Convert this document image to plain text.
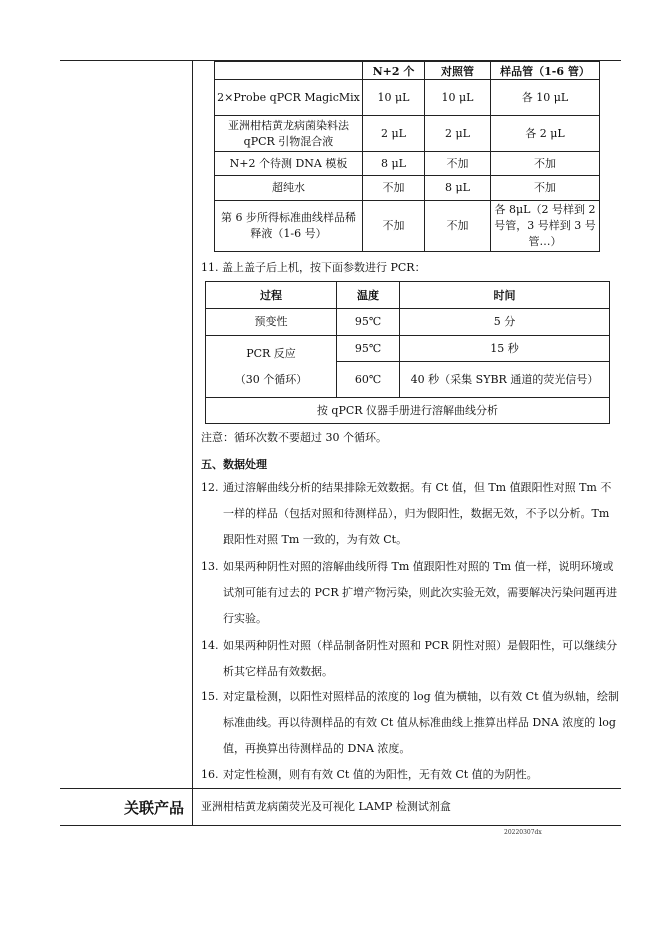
	N+2 个	对照管	样品管（1-6 管）
2×Probe qPCR MagicMix	10 μL	10 μL	各 10 μL
亚洲柑桔黄龙病菌染料法 qPCR 引物混合液	2 μL	2 μL	各 2 μL
N+2 个待测 DNA 模板	8 μL	不加	不加
超纯水	不加	8 μL	不加
第 6 步所得标准曲线样品稀释液（1-6 号）	不加	不加	各 8μL（2 号样到 2 号管，3 号样到 3 号管…）
11. 盖上盖子后上机，按下面参数进行 PCR：
过程	温度	时间
预变性	95℃	5 分
PCR 反应
（30 个循环）	95℃	15 秒
	60℃	40 秒（采集 SYBR 通道的荧光信号）
按 qPCR 仪器手册进行溶解曲线分析		
注意：循环次数不要超过 30 个循环。
五、数据处理
12. 通过溶解曲线分析的结果排除无效数据。有 Ct 值，但 Tm 值跟阳性对照 Tm 不一样的样品（包括对照和待测样品），归为假阳性，数据无效，不予以分析。Tm 跟阳性对照 Tm 一致的，为有效 Ct。
13. 如果两种阴性对照的溶解曲线所得 Tm 值跟阳性对照的 Tm 值一样，说明环境或试剂可能有过去的 PCR 扩增产物污染，则此次实验无效，需要解决污染问题再进行实验。
14. 如果两种阴性对照（样品制备阴性对照和 PCR 阴性对照）是假阳性，可以继续分析其它样品有效数据。
15. 对定量检测，以阳性对照样品的浓度的 log 值为横轴，以有效 Ct 值为纵轴，绘制标准曲线。再以待测样品的有效 Ct 值从标准曲线上推算出样品 DNA 浓度的 log 值，再换算出待测样品的 DNA 浓度。
16. 对定性检测，则有有效 Ct 值的为阳性，无有效 Ct 值的为阴性。
关联产品 亚洲柑桔黄龙病菌荧光及可视化 LAMP 检测试剂盒
20220307dx
